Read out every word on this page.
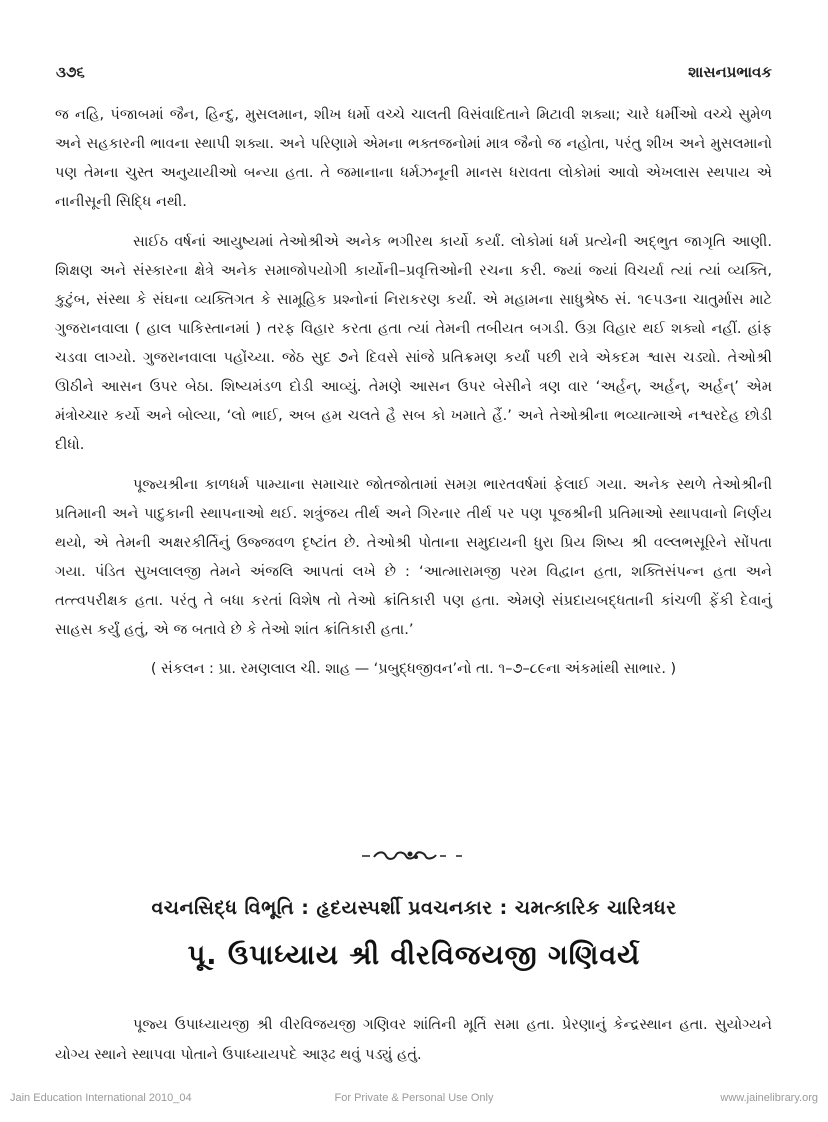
૩૭૬	શાસનપ્રભાવક

જ નહિ, પંજાબમાં જૈન, હિન્દુ, મુસલમાન, શીખ ધર્મો વચ્ચે ચાલતી વિસંવાદિતાને મિટાવી શક્યા; ચારે ધર્મીઓ વચ્ચે સુમેળ અને સહકારની ભાવના સ્થાપી શક્યા. અને પરિણામે એમના ભક્તજનોમાં માત્ર જૈનો જ નહોતા, પરંતુ શીખ અને મુસલમાનો પણ તેમના ચુસ્ત અનુયાયીઓ બન્યા હતા. તે જમાનાના ધર્મઝનૂની માનસ ધરાવતા લોકોમાં આવો એખલાસ સ્થપાય એ નાનીસૂની સિદ્ધિ નથી.

સાઈઠ વર્ષનાં આયુષ્યમાં તેઓશ્રીએ અનેક ભગીરથ કાર્યો કર્યાં. લોકોમાં ધર્મ પ્રત્યેની અદ્ભુત જાગૃતિ આણી. શિક્ષણ અને સંસ્કારના ક્ષેત્રે અનેક સમાજોપયોગી કાર્યોની–પ્રવૃત્તિઓની રચના કરી. જ્યાં જ્યાં વિચર્યા ત્યાં ત્યાં વ્યક્તિ, કુટુંબ, સંસ્થા કે સંઘના વ્યક્તિગત કે સામૂહિક પ્રશ્નોનાં નિરાકરણ કર્યાં. એ મહામના સાધુશ્રેષ્ઠ સં. ૧૯૫૩ના ચાતુર્માસ માટે ગુજરાનવાલા ( હાલ પાકિસ્તાનમાં ) તરફ વિહાર કરતા હતા ત્યાં તેમની તબીયત બગડી. ઉગ્ર વિહાર થઈ શક્યો નહીં. હાંફ ચડવા લાગ્યો. ગુજરાનવાલા પહોંચ્યા. જેઠ સુદ ૭ને દિવસે સાંજે પ્રતિક્રમણ કર્યાં પછી રાત્રે એકદમ શ્વાસ ચડ્યો. તેઓશ્રી ઊઠીને આસન ઉપર બેઠા. શિષ્યમંડળ દોડી આવ્યું. તેમણે આસન ઉપર બેસીને ત્રણ વાર ‘અર્હન્, અર્હન્, અર્હન્’ એમ મંત્રોચ્ચાર કર્યો અને બોલ્યા, ‘લો ભાઈ, અબ હમ ચલતે હૈ સબ કો ખમાતે હૈં.’ અને તેઓશ્રીના ભવ્યાત્માએ નશ્વરદેહ છોડી દીધો.

પૂજ્યશ્રીના કાળધર્મ પામ્યાના સમાચાર જોતજોતામાં સમગ્ર ભારતવર્ષમાં ફેલાઈ ગયા. અનેક સ્થળે તેઓશ્રીની પ્રતિમાની અને પાદુકાની સ્થાપનાઓ થઈ. શત્રુંજય તીર્થ અને ગિરનાર તીર્થ પર પણ પૂજશ્રીની પ્રતિમાઓ સ્થાપવાનો નિર્ણય થયો, એ તેમની અક્ષરકીર્તિનું ઉજ્જવળ દૃષ્ટાંત છે. તેઓશ્રી પોતાના સમુદાયની ધુરા પ્રિય શિષ્ય શ્રી વલ્લભસૂરિને સોંપતા ગયા. પંડિત સુખલાલજી તેમને અંજલિ આપતાં લખે છે : ‘આત્મારામજી પરમ વિદ્વાન હતા, શક્તિસંપન્ન હતા અને તત્ત્વપરીક્ષક હતા. પરંતુ તે બધા કરતાં વિશેષ તો તેઓ ક્રાંતિકારી પણ હતા. એમણે સંપ્રદાયબદ્ધતાની કાંચળી ફેંકી દેવાનું સાહસ કર્યું હતું, એ જ બતાવે છે કે તેઓ શાંત ક્રાંતિકારી હતા.’

( સંકલન : પ્રા. રમણલાલ ચી. શાહ — ‘પ્રબુદ્ધજીવન’નો તા. ૧–૭–૮૯ના અંકમાંથી સાભાર. )

વચનસિદ્ધ વિભૂતિ : હૃદયસ્પર્શી પ્રવચનકાર : ચમત્કારિક ચારિત્રધર
પૂ. ઉપાધ્યાય શ્રી વીરવિજયજી ગણિવર્ય

પૂજ્ય ઉપાધ્યાયજી શ્રી વીરવિજયજી ગણિવર શાંતિની મૂર્તિ સમા હતા. પ્રેરણાનું કેન્દ્રસ્થાન હતા. સુયોગ્યને યોગ્ય સ્થાને સ્થાપવા પોતાને ઉપાધ્યાયપદે આરૂઢ થવું પડ્યું હતું.

Jain Education International 2010_04	For Private & Personal Use Only	www.jainelibrary.org
